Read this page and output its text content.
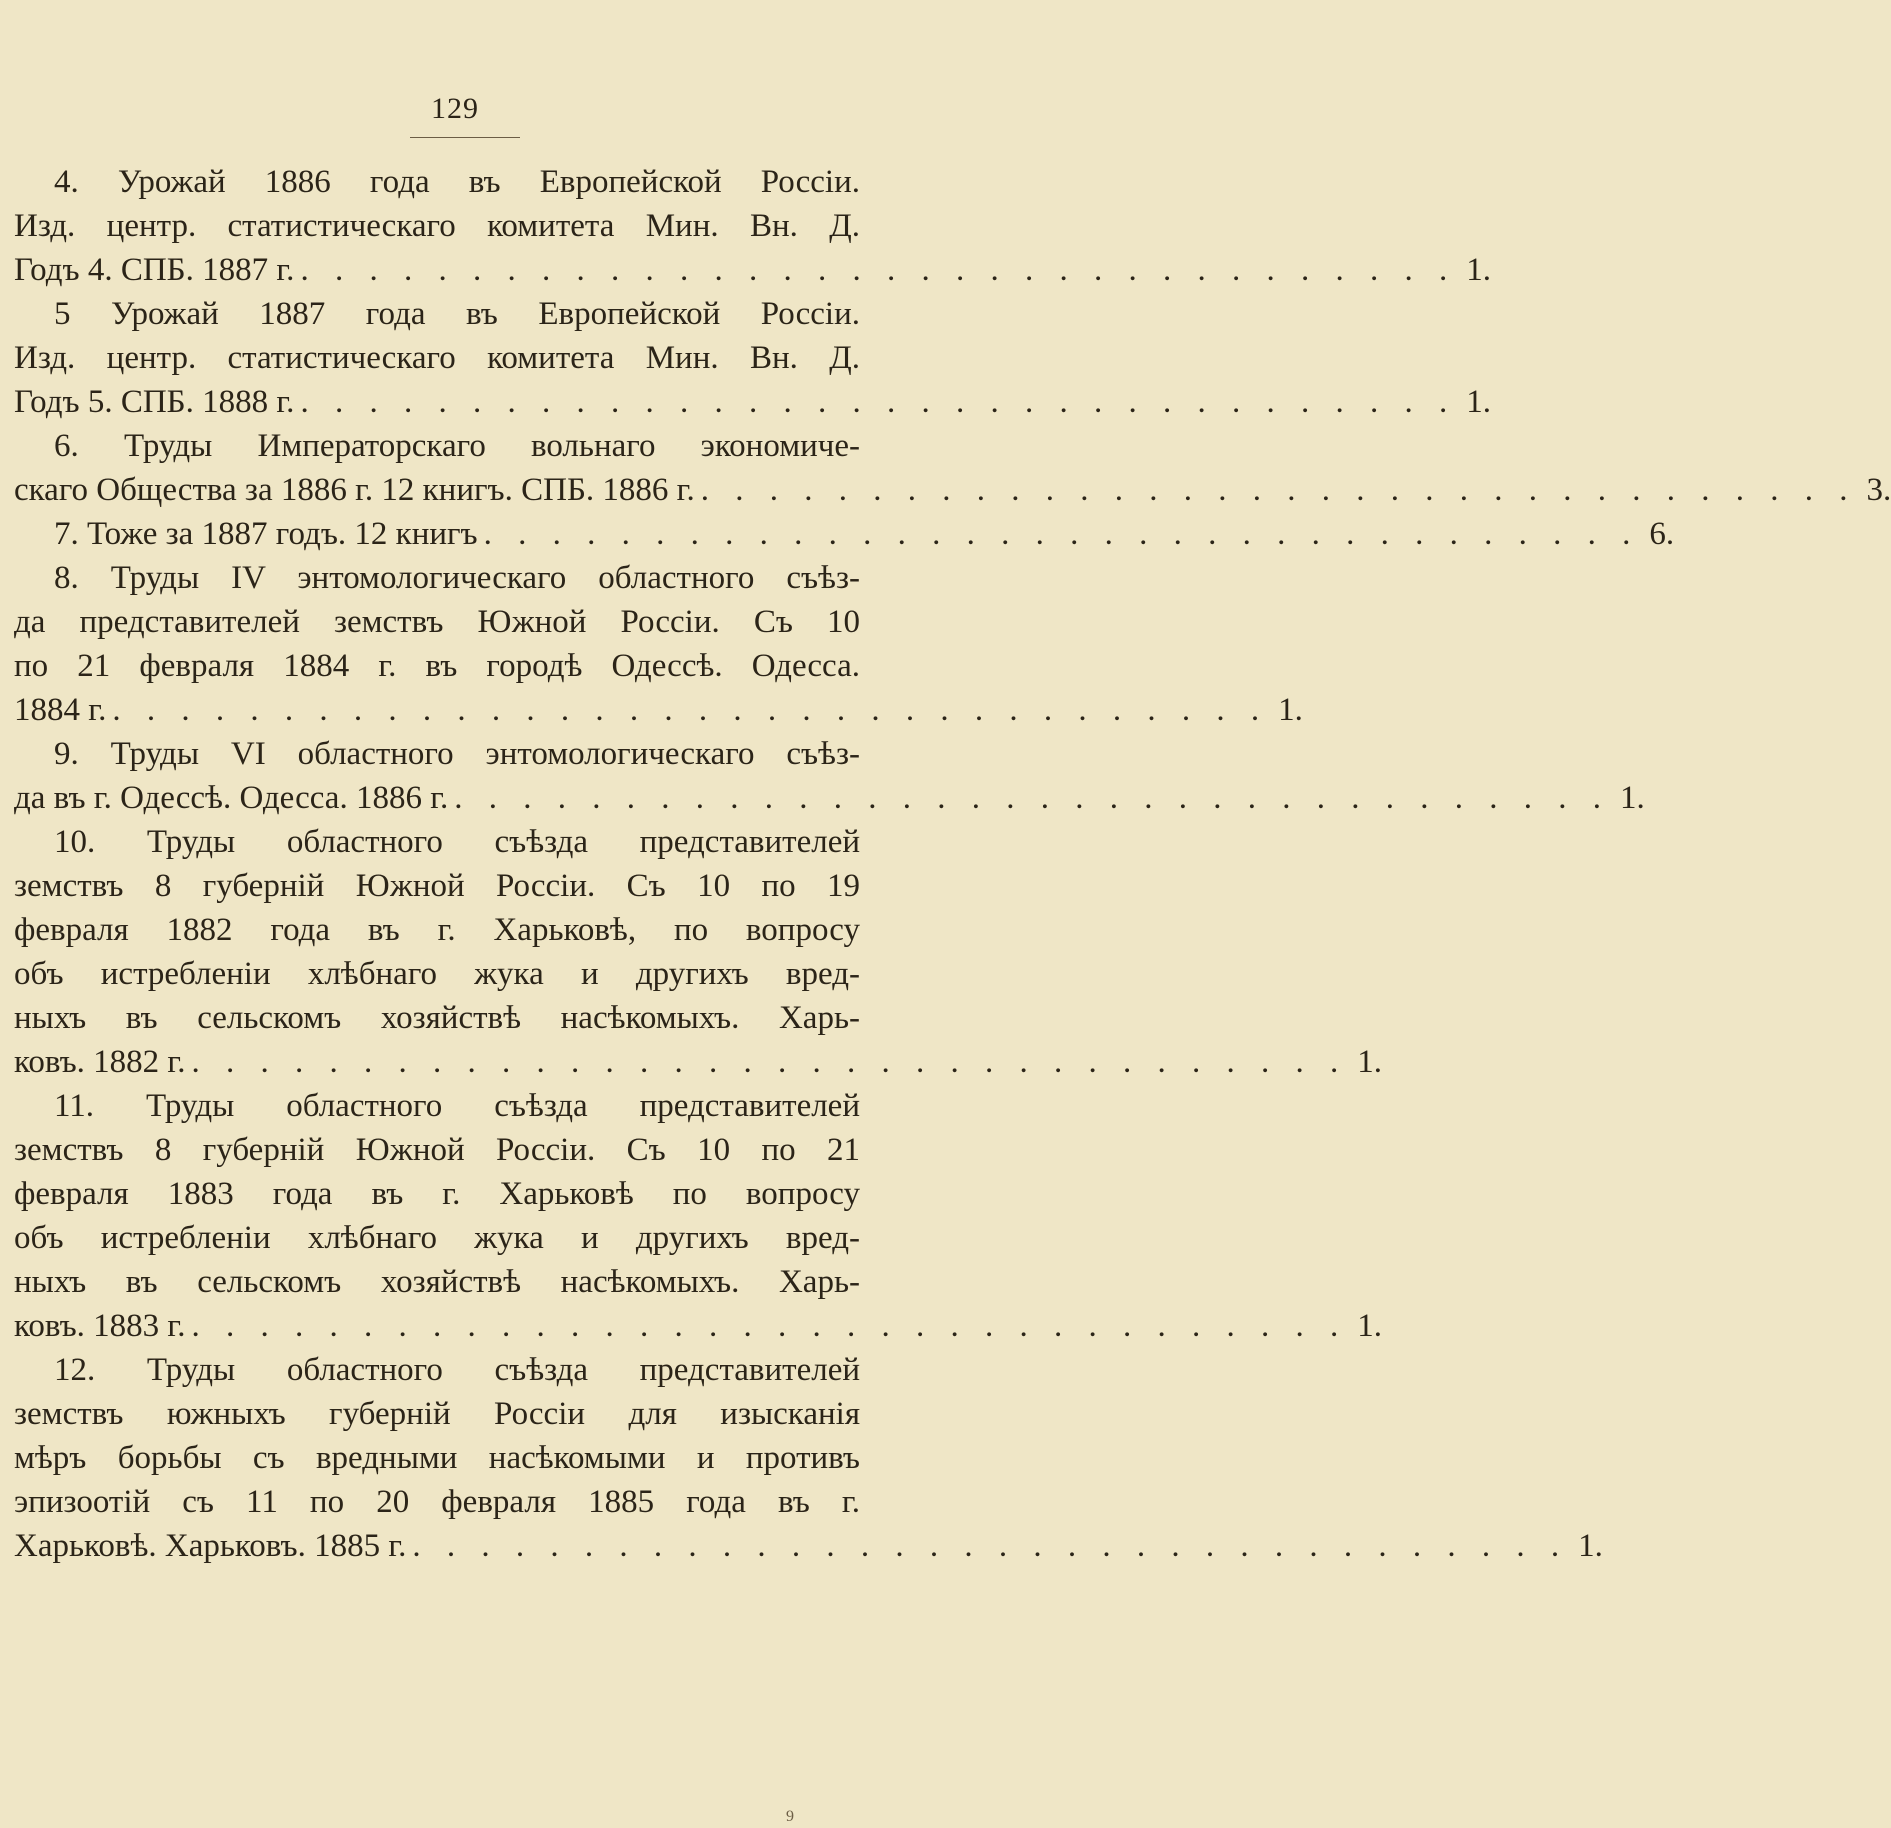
129
4. Урожай 1886 года въ Европейской Россіи.
Изд. центр. статистическаго комитета Мин. Вн. Д.
Годъ 4. СПБ. 1887 г. . . . . . . . . . . . . . . . . . . . . . . . . . . . . . . . . . . 1.
5 Урожай 1887 года въ Европейской Россіи.
Изд. центр. статистическаго комитета Мин. Вн. Д.
Годъ 5. СПБ. 1888 г. . . . . . . . . . . . . . . . . . . . . . . . . . . . . . . . . . . 1.
6. Труды Императорскаго вольнаго экономиче-
скаго Общества за 1886 г. 12 книгъ. СПБ. 1886 г. . . . . . . . . . . . . . . . . . . . . . . . . . . . . . . . . . . 3.
7. Тоже за 1887 годъ. 12 книгъ . . . . . . . . . . . . . . . . . . . . . . . . . . . . . . . . . . 6.
8. Труды IV энтомологическаго областного съѣз-
да представителей земствъ Южной Россіи. Съ 10
по 21 февраля 1884 г. въ городѣ Одессѣ. Одесса.
1884 г. . . . . . . . . . . . . . . . . . . . . . . . . . . . . . . . . . . 1.
9. Труды VI областного энтомологическаго съѣз-
да въ г. Одессѣ. Одесса. 1886 г. . . . . . . . . . . . . . . . . . . . . . . . . . . . . . . . . . . 1.
10. Труды областного съѣзда представителей
земствъ 8 губерній Южной Россіи. Съ 10 по 19
февраля 1882 года въ г. Харьковѣ, по вопросу
объ истребленіи хлѣбнаго жука и другихъ вред-
ныхъ въ сельскомъ хозяйствѣ насѣкомыхъ. Харь-
ковъ. 1882 г. . . . . . . . . . . . . . . . . . . . . . . . . . . . . . . . . . . 1.
11. Труды областного съѣзда представителей
земствъ 8 губерній Южной Россіи. Съ 10 по 21
февраля 1883 года въ г. Харьковѣ по вопросу
объ истребленіи хлѣбнаго жука и другихъ вред-
ныхъ въ сельскомъ хозяйствѣ насѣкомыхъ. Харь-
ковъ. 1883 г. . . . . . . . . . . . . . . . . . . . . . . . . . . . . . . . . . . 1.
12. Труды областного съѣзда представителей
земствъ южныхъ губерній Россіи для изысканія
мѣръ борьбы съ вредными насѣкомыми и противъ
эпизоотій съ 11 по 20 февраля 1885 года въ г.
Харьковѣ. Харьковъ. 1885 г. . . . . . . . . . . . . . . . . . . . . . . . . . . . . . . . . . . 1.
9
